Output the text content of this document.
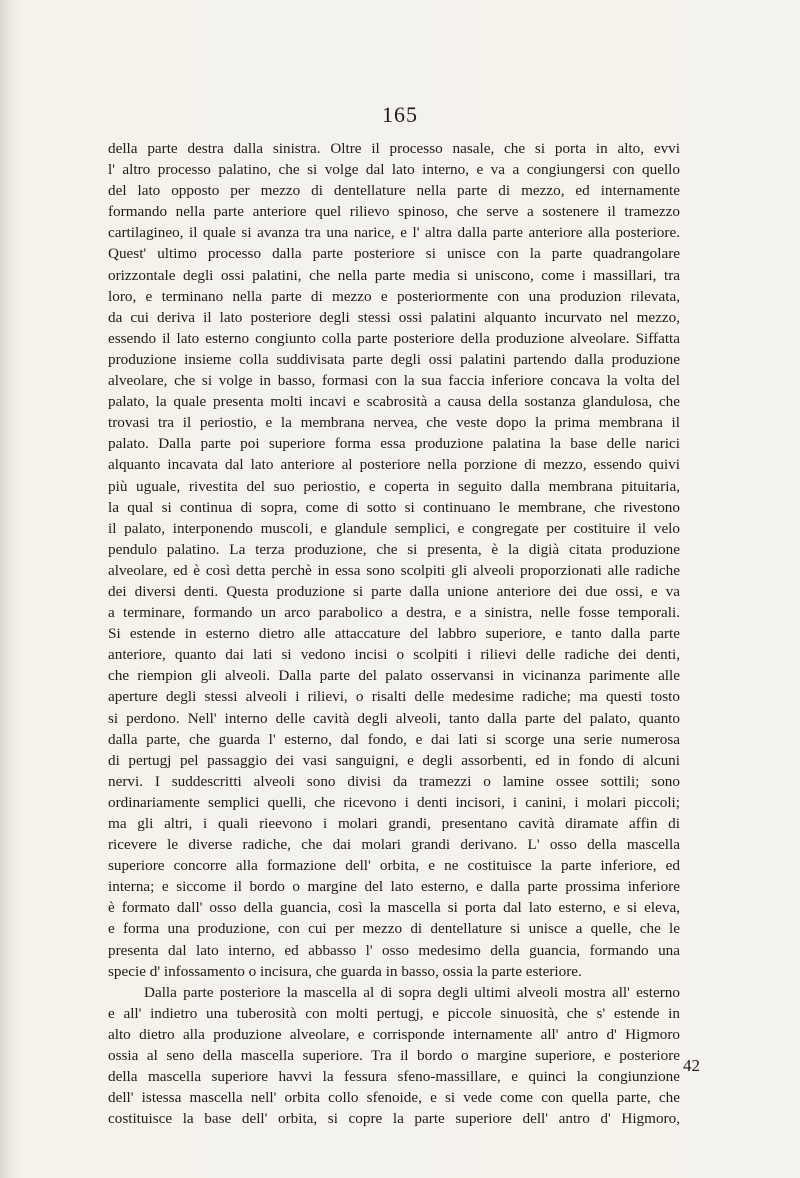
165
della parte destra dalla sinistra. Oltre il processo nasale, che si porta in alto, evvi
l' altro processo palatino, che si volge dal lato interno, e va a congiungersi con quello
del lato opposto per mezzo di dentellature nella parte di mezzo, ed internamente
formando nella parte anteriore quel rilievo spinoso, che serve a sostenere il tramezzo
cartilagineo, il quale si avanza tra una narice, e l' altra dalla parte anteriore alla posteriore.
Quest' ultimo processo dalla parte posteriore si unisce con la parte quadrangolare
orizzontale degli ossi palatini, che nella parte media si uniscono, come i massillari, tra
loro, e terminano nella parte di mezzo e posteriormente con una produzion rilevata,
da cui deriva il lato posteriore degli stessi ossi palatini alquanto incurvato nel mezzo,
essendo il lato esterno congiunto colla parte posteriore della produzione alveolare. Siffatta
produzione insieme colla suddivisata parte degli ossi palatini partendo dalla produzione
alveolare, che si volge in basso, formasi con la sua faccia inferiore concava la volta del
palato, la quale presenta molti incavi e scabrosità a causa della sostanza glandulosa, che
trovasi tra il periostio, e la membrana nervea, che veste dopo la prima membrana il
palato. Dalla parte poi superiore forma essa produzione palatina la base delle narici
alquanto incavata dal lato anteriore al posteriore nella porzione di mezzo, essendo quivi
più uguale, rivestita del suo periostio, e coperta in seguito dalla membrana pituitaria,
la qual si continua di sopra, come di sotto si continuano le membrane, che rivestono
il palato, interponendo muscoli, e glandule semplici, e congregate per costituire il velo
pendulo palatino. La terza produzione, che si presenta, è la digià citata produzione
alveolare, ed è così detta perchè in essa sono scolpiti gli alveoli proporzionati alle radiche
dei diversi denti. Questa produzione si parte dalla unione anteriore dei due ossi, e va
a terminare, formando un arco parabolico a destra, e a sinistra, nelle fosse temporali.
Si estende in esterno dietro alle attaccature del labbro superiore, e tanto dalla parte
anteriore, quanto dai lati si vedono incisi o scolpiti i rilievi delle radiche dei denti,
che riempion gli alveoli. Dalla parte del palato osservansi in vicinanza parimente alle
aperture degli stessi alveoli i rilievi, o risalti delle medesime radiche; ma questi tosto
si perdono. Nell' interno delle cavità degli alveoli, tanto dalla parte del palato, quanto
dalla parte, che guarda l' esterno, dal fondo, e dai lati si scorge una serie numerosa
di pertugj pel passaggio dei vasi sanguigni, e degli assorbenti, ed in fondo di alcuni
nervi. I suddescritti alveoli sono divisi da tramezzi o lamine ossee sottili; sono
ordinariamente semplici quelli, che ricevono i denti incisori, i canini, i molari piccoli;
ma gli altri, i quali rieevono i molari grandi, presentano cavità diramate affin di
ricevere le diverse radiche, che dai molari grandi derivano. L' osso della mascella
superiore concorre alla formazione dell' orbita, e ne costituisce la parte inferiore, ed
interna; e siccome il bordo o margine del lato esterno, e dalla parte prossima inferiore
è formato dall' osso della guancia, così la mascella si porta dal lato esterno, e si eleva,
e forma una produzione, con cui per mezzo di dentellature si unisce a quelle, che le
presenta dal lato interno, ed abbasso l' osso medesimo della guancia, formando una
specie d' infossamento o incisura, che guarda in basso, ossia la parte esteriore.
Dalla parte posteriore la mascella al di sopra degli ultimi alveoli mostra all' esterno
e all' indietro una tuberosità con molti pertugj, e piccole sinuosità, che s' estende in
alto dietro alla produzione alveolare, e corrisponde internamente all' antro d' Higmoro
ossia al seno della mascella superiore. Tra il bordo o margine superiore, e posteriore
della mascella superiore havvi la fessura sfeno-massillare, e quinci la congiunzione
dell' istessa mascella nell' orbita collo sfenoide, e si vede come con quella parte, che
costituisce la base dell' orbita, si copre la parte superiore dell' antro d' Higmoro,
42
